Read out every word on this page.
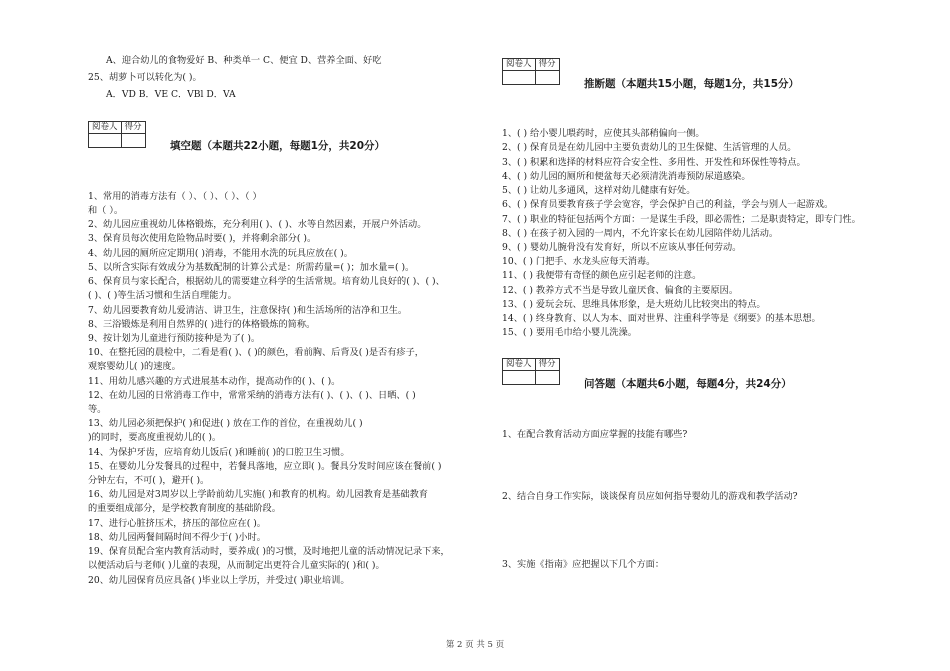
A、迎合幼儿的食物爱好 B、种类单一 C、便宜 D、营养全面、好吃
25、胡萝卜可以转化为( )。
A．VD B．VE C．VBl D．VA
阅卷人	得分

填空题（本题共22小题，每题1分，共20分）
1、常用的消毒方法有（ ）、（ ）、（ ）、（ ）
和（ ）。
2、幼儿园应重视幼儿体格锻炼，充分利用( )、( )、水等自然因素，开展户外活动。
3、保育员每次使用危险物品时要( )，并将剩余部分( )。
4、幼儿园的厕所应定期用( )消毒，不能用水洗的玩具应放在( )。
5、以所含实际有效成分为基数配制的计算公式是：所需药量=( )；加水量=( )。
6、保育员与家长配合，根据幼儿的需要建立科学的生活常规。培育幼儿良好的( )、( )、
( )、( )等生活习惯和生活自理能力。
7、幼儿园要教育幼儿爱清洁、讲卫生，注意保持( )和生活场所的洁净和卫生。
8、三浴锻炼是利用自然界的( )进行的体格锻炼的简称。
9、按计划为儿童进行预防接种是为了( )。
10、在整托园的晨检中，二看是看( )、( )的颜色，看前胸、后背及( )是否有疹子，
观察婴幼儿( )的速度。
11、用幼儿感兴趣的方式进展基本动作，提高动作的( )、( )。
12、在幼儿园的日常消毒工作中，常常采纳的消毒方法有( )、( )、( )、日晒、( )
等。
13、幼儿园必须把保护( )和促进( ) 放在工作的首位，在重视幼儿( )
)的同时，要高度重视幼儿的( )。
14、为保护牙齿，应培育幼儿饭后( )和睡前( )的口腔卫生习惯。
15、在婴幼儿分发餐具的过程中，若餐具落地，应立即( )。餐具分发时间应该在餐前( )
分钟左右，不可( )，避开( )。
16、幼儿园是对3周岁以上学龄前幼儿实施( )和教育的机构。幼儿园教育是基础教育
的重要组成部分，是学校教育制度的基础阶段。
17、进行心脏挤压术，挤压的部位应在( )。
18、幼儿园两餐间隔时间不得少于( )小时。
19、保育员配合室内教育活动时，要养成( )的习惯，及时地把儿童的活动情况记录下来，
以便活动后与老师( )儿童的表现，从而制定出更符合儿童实际的( )和( )。
20、幼儿园保育员应具备( )毕业以上学历，并受过( )职业培训。
阅卷人	得分

推断题（本题共15小题，每题1分，共15分）
1、( ) 给小婴儿喂药时，应使其头部稍偏向一侧。
2、( ) 保育员是在幼儿园中主要负责幼儿的卫生保健、生活管理的人员。
3、( ) 积累和选择的材料应符合安全性、多用性、开发性和环保性等特点。
4、( ) 幼儿园的厕所和便盆每天必须清洗消毒预防尿道感染。
5、( ) 让幼儿多通风，这样对幼儿健康有好处。
6、( ) 保育员要教育孩子学会宽容，学会保护自己的利益，学会与别人一起游戏。
7、( ) 职业的特征包括两个方面：一是谋生手段，即必需性；二是职责特定，即专门性。
8、( ) 在孩子初入园的一周内，不允许家长在幼儿园陪伴幼儿活动。
9、( ) 婴幼儿腕骨没有发育好，所以不应该从事任何劳动。
10、( ) 门把手、水龙头应每天消毒。
11、( ) 我便带有奇怪的颜色应引起老师的注意。
12、( ) 教养方式不当是导致儿童厌食、偏食的主要原因。
13、( ) 爱玩会玩、思维具体形象，是大班幼儿比较突出的特点。
14、( ) 终身教育、以人为本、面对世界、注重科学等是《纲要》的基本思想。
15、( ) 要用毛巾给小婴儿洗澡。
阅卷人	得分

问答题（本题共6小题，每题4分，共24分）
1、在配合教育活动方面应掌握的技能有哪些?
2、结合自身工作实际，谈谈保育员应如何指导婴幼儿的游戏和教学活动?
3、实施《指南》应把握以下几个方面：
第 2 页 共 5 页
